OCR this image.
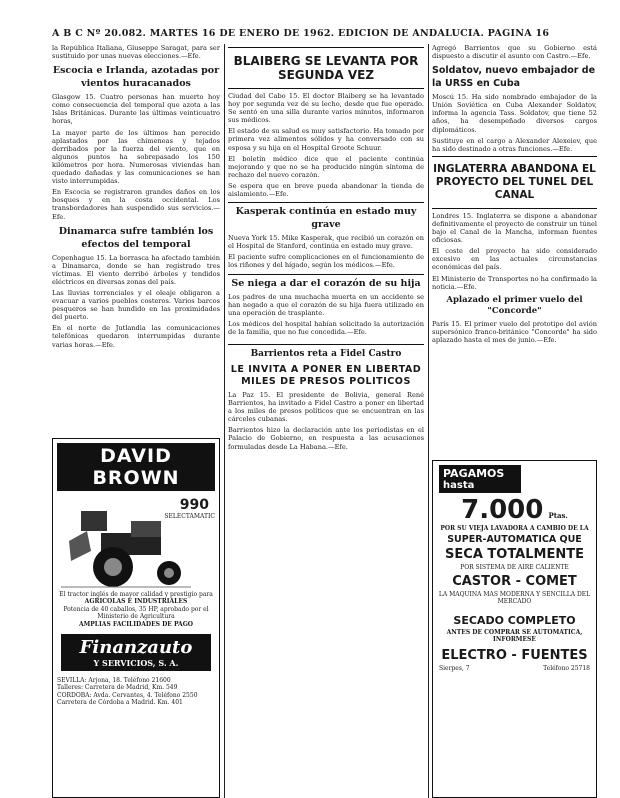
A B C Nº 20.082. MARTES 16 DE ENERO DE 1962. EDICION DE ANDALUCIA. PAGINA 16

la República Italiana, Giuseppe Saragat, para ser sustituido por unas nuevas elecciones.—Efe.

Escocia e Irlanda, azotadas por vientos huracanados

Glasgow 15. Cuatro personas han muerto hoy como consecuencia del temporal que azota a las Islas Británicas. Durante las últimas veinticuatro horas,

La mayor parte de los últimos han perecido aplastados por las chimeneas y tejados derribados por la fuerza del viento, que en algunos puntos ha sobrepasado los 150 kilómetros por hora. Numerosas viviendas han quedado dañadas y las comunicaciones se han visto interrumpidas.

En Escocia se registraron grandes daños en los bosques y en la costa occidental. Los transbordadores han suspendido sus servicios.—Efe.

Dinamarca sufre también los efectos del temporal

Copenhague 15. La borrasca ha afectado también a Dinamarca, donde se han registrado tres víctimas. El viento derribó árboles y tendidos eléctricos en diversas zonas del país.

Las lluvias torrenciales y el oleaje obligaron a evacuar a varios pueblos costeros. Varios barcos pesqueros se han hundido en las proximidades del puerto.

En el norte de Jutlandia las comunicaciones telefónicas quedaron interrumpidas durante varias horas.—Efe.

DAVID BROWN
990
SELECTAMATIC

El tractor inglés de mayor calidad y prestigio para

AGRICOLAS E INDUSTRIALES

Potencia de 40 caballos, 35 HP, aprobado por el Ministerio de Agricultura

AMPLIAS FACILIDADES DE PAGO

Finanzauto
Y SERVICIOS, S. A.

SEVILLA: Arjona, 18. Teléfono 21600

Talleres: Carretera de Madrid, Km. 549

CORDOBA: Avda. Cervantes, 4. Teléfono 2550

Carretera de Córdoba a Madrid. Km. 401

BLAIBERG SE LEVANTA POR SEGUNDA VEZ

Ciudad del Cabo 15. El doctor Blaiberg se ha levantado hoy por segunda vez de su lecho, desde que fue operado. Se sentó en una silla durante varios minutos, informaron sus médicos.

El estado de su salud es muy satisfactorio. Ha tomado por primera vez alimentos sólidos y ha conversado con su esposa y su hija en el Hospital Groote Schuur.

El boletín médico dice que el paciente continúa mejorando y que no se ha producido ningún síntoma de rechazo del nuevo corazón.

Se espera que en breve pueda abandonar la tienda de aislamiento.—Efe.

Kasperak continúa en estado muy grave

Nueva York 15. Mike Kasperak, que recibió un corazón en el Hospital de Stanford, continúa en estado muy grave.

El paciente sufre complicaciones en el funcionamiento de los riñones y del hígado, según los médicos.—Efe.

Se niega a dar el corazón de su hija

Los padres de una muchacha muerta en un accidente se han negado a que el corazón de su hija fuera utilizado en una operación de trasplante.

Los médicos del hospital habían solicitado la autorización de la familia, que no fue concedida.—Efe.

Barrientos reta a Fidel Castro
LE INVITA A PONER EN LIBERTAD MILES DE PRESOS POLITICOS

La Paz 15. El presidente de Bolivia, general René Barrientos, ha invitado a Fidel Castro a poner en libertad a los miles de presos políticos que se encuentran en las cárceles cubanas.

Barrientos hizo la declaración ante los periodistas en el Palacio de Gobierno, en respuesta a las acusaciones formuladas desde La Habana.—Efe.

Agregó Barrientos que su Gobierno está dispuesto a discutir el asunto con Castro.—Efe.

Soldatov, nuevo embajador de la URSS en Cuba

Moscú 15. Ha sido nombrado embajador de la Unión Soviética en Cuba Alexander Soldatov, informa la agencia Tass. Soldatov, que tiene 52 años, ha desempeñado diversos cargos diplomáticos.

Sustituye en el cargo a Alexander Alexeiev, que ha sido destinado a otras funciones.—Efe.

INGLATERRA ABANDONA EL PROYECTO DEL TUNEL DEL CANAL

Londres 15. Inglaterra se dispone a abandonar definitivamente el proyecto de construir un túnel bajo el Canal de la Mancha, informan fuentes oficiosas.

El coste del proyecto ha sido considerado excesivo en las actuales circunstancias económicas del país.

El Ministerio de Transportes no ha confirmado la noticia.—Efe.

Aplazado el primer vuelo del "Concorde"

París 15. El primer vuelo del prototipo del avión supersónico franco-británico "Concorde" ha sido aplazado hasta el mes de junio.—Efe.

PAGAMOS
hasta
7.000 Ptas.

POR SU VIEJA LAVADORA A CAMBIO DE LA

SUPER-AUTOMATICA QUE
SECA TOTALMENTE

POR SISTEMA DE AIRE CALIENTE

CASTOR - COMET

LA MAQUINA MAS MODERNA Y SENCILLA DEL MERCADO

SECADO COMPLETO

ANTES DE COMPRAR SE AUTOMATICA, INFORMESE

ELECTRO - FUENTES
Sierpes, 7	Teléfono 25718
